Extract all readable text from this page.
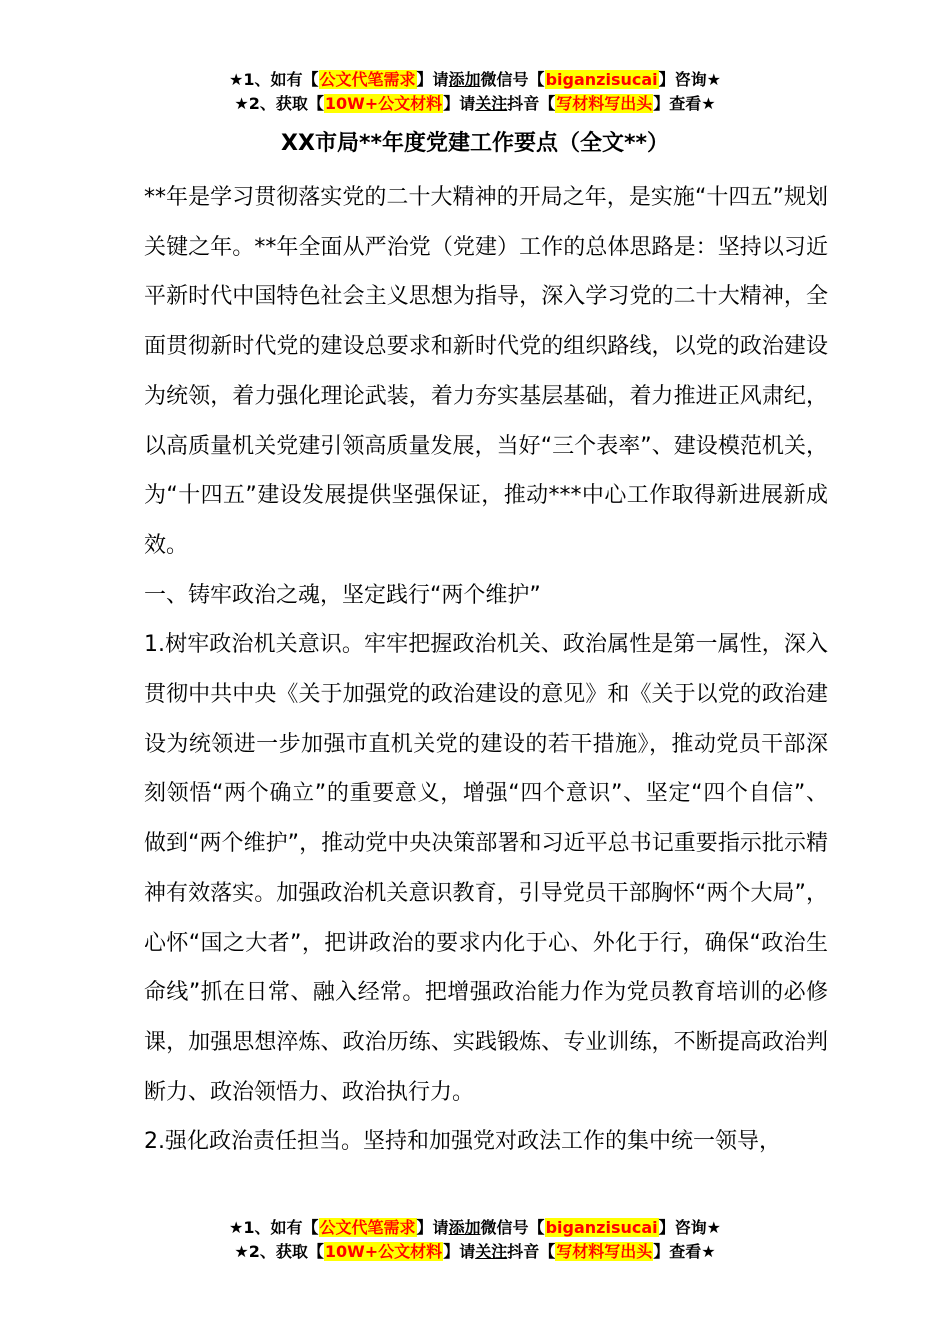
★1、如有【公文代笔需求】请添加微信号【biganzisucai】咨询★
★2、获取【10W+公文材料】请关注抖音【写材料写出头】查看★
XX市局**年度党建工作要点（全文**）

**年是学习贯彻落实党的二十大精神的开局之年，是实施“十四五”规划关键之年。**年全面从严治党（党建）工作的总体思路是：坚持以习近平新时代中国特色社会主义思想为指导，深入学习党的二十大精神，全面贯彻新时代党的建设总要求和新时代党的组织路线，以党的政治建设为统领，着力强化理论武装，着力夯实基层基础，着力推进正风肃纪，以高质量机关党建引领高质量发展，当好“三个表率”、建设模范机关，为“十四五”建设发展提供坚强保证，推动***中心工作取得新进展新成效。

一、铸牢政治之魂，坚定践行“两个维护”

1.树牢政治机关意识。牢牢把握政治机关、政治属性是第一属性，深入贯彻中共中央《关于加强党的政治建设的意见》和《关于以党的政治建设为统领进一步加强市直机关党的建设的若干措施》，推动党员干部深刻领悟“两个确立”的重要意义，增强“四个意识”、坚定“四个自信”、做到“两个维护”，推动党中央决策部署和习近平总书记重要指示批示精神有效落实。加强政治机关意识教育，引导党员干部胸怀“两个大局”，心怀“国之大者”，把讲政治的要求内化于心、外化于行，确保“政治生命线”抓在日常、融入经常。把增强政治能力作为党员教育培训的必修课，加强思想淬炼、政治历练、实践锻炼、专业训练，不断提高政治判断力、政治领悟力、政治执行力。

2.强化政治责任担当。坚持和加强党对政法工作的集中统一领导，

★1、如有【公文代笔需求】请添加微信号【biganzisucai】咨询★
★2、获取【10W+公文材料】请关注抖音【写材料写出头】查看★
